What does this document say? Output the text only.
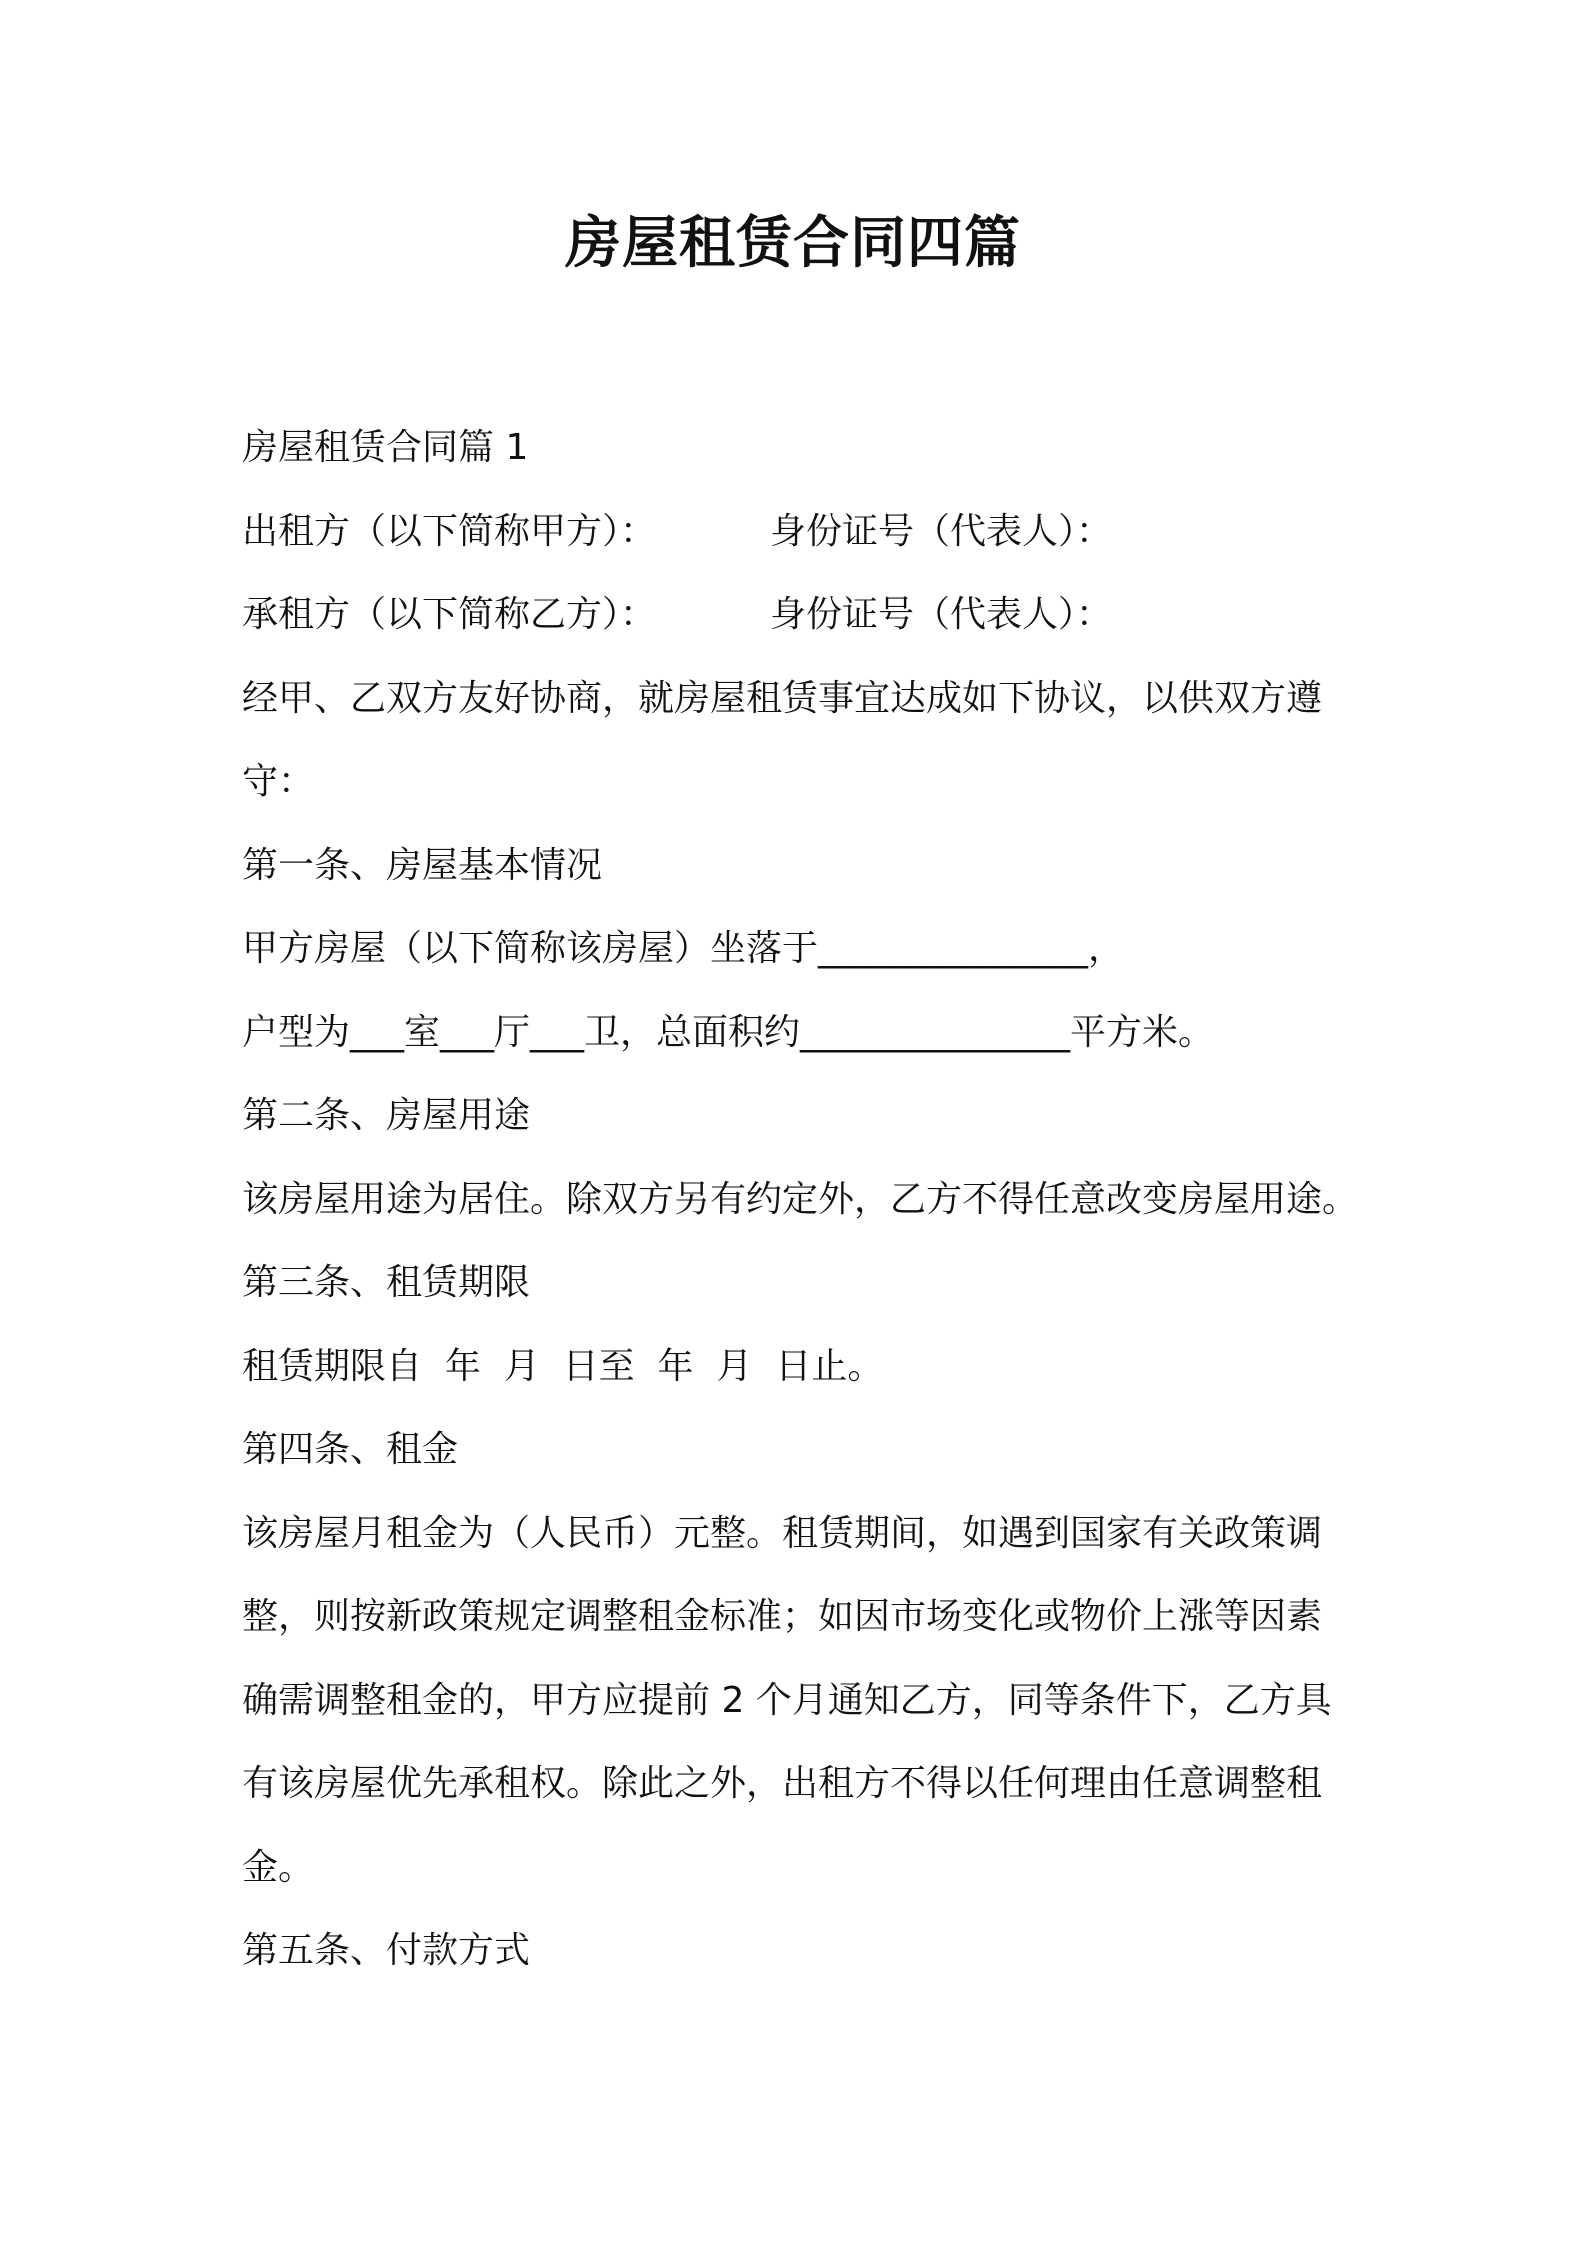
房屋租赁合同四篇
房屋租赁合同篇 1
出租方（以下简称甲方）：	身份证号（代表人）：
承租方（以下简称乙方）：	身份证号（代表人）：
经甲、乙双方友好协商，就房屋租赁事宜达成如下协议，以供双方遵
守：
第一条、房屋基本情况
甲方房屋（以下简称该房屋）坐落于_______________，
户型为___室___厅___卫，总面积约_______________平方米。
第二条、房屋用途
该房屋用途为居住。除双方另有约定外，乙方不得任意改变房屋用途。
第三条、租赁期限
租赁期限自  年  月  日至  年  月  日止。
第四条、租金
该房屋月租金为（人民币）元整。租赁期间，如遇到国家有关政策调
整，则按新政策规定调整租金标准；如因市场变化或物价上涨等因素
确需调整租金的，甲方应提前 2 个月通知乙方，同等条件下，乙方具
有该房屋优先承租权。除此之外，出租方不得以任何理由任意调整租
金。
第五条、付款方式
